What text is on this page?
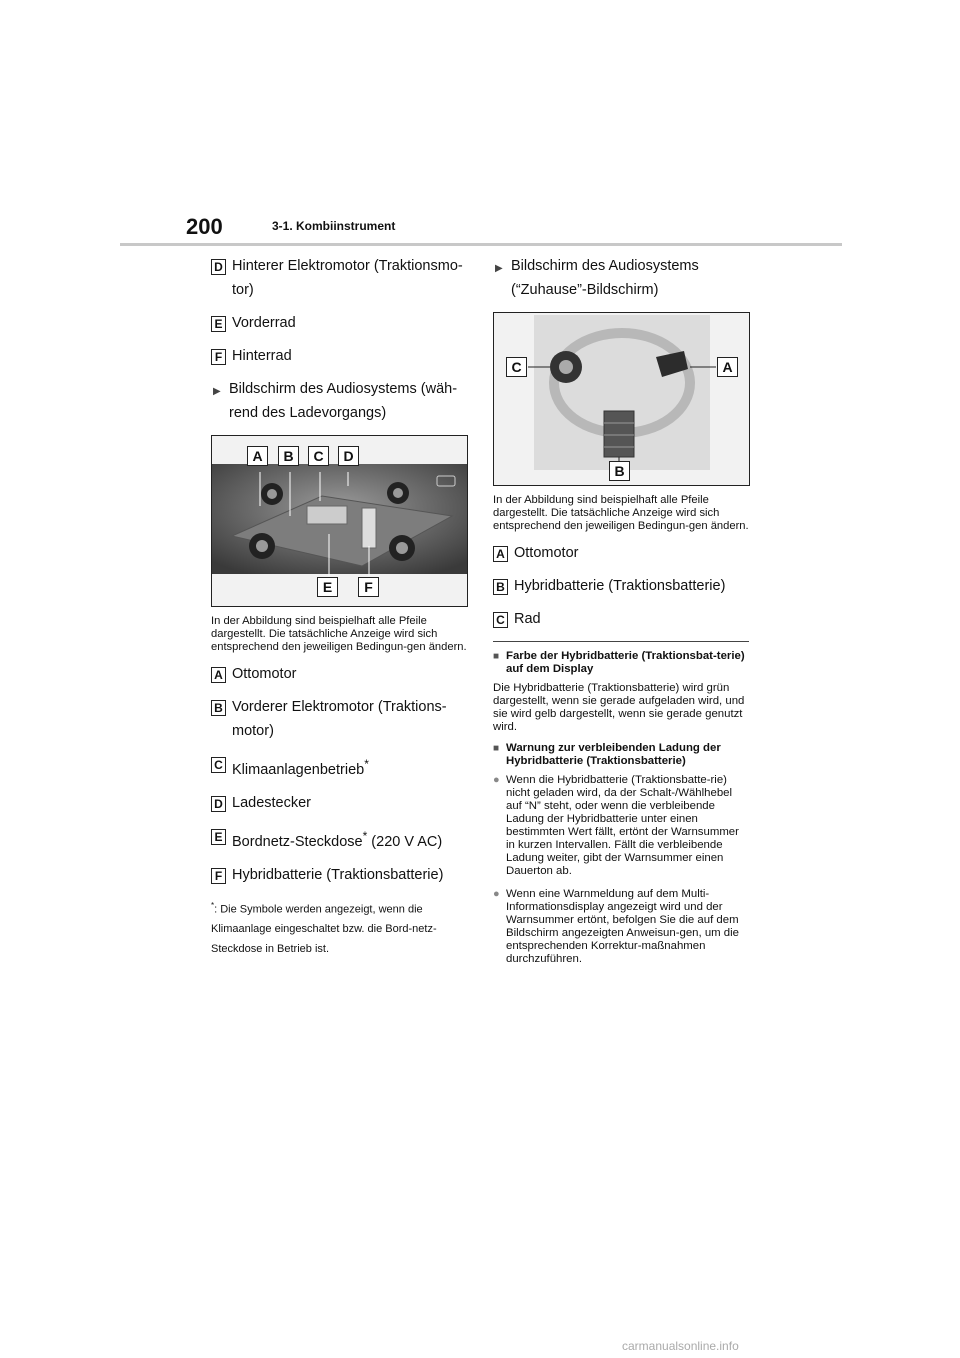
200	3-1. Kombiinstrument
D Hinterer Elektromotor (Traktionsmo-
tor)
E Vorderrad
F Hinterrad
▶ Bildschirm des Audiosystems (wäh-
rend des Ladevorgangs)
A	B	C	D
E	F
In der Abbildung sind beispielhaft alle Pfeile dargestellt. Die tatsächliche Anzeige wird sich entsprechend den jeweiligen Bedingun-gen ändern.
A Ottomotor
B Vorderer Elektromotor (Traktions-
motor)
C Klimaanlagenbetrieb*
D Ladestecker
E Bordnetz-Steckdose* (220 V AC)
F Hybridbatterie (Traktionsbatterie)
*: Die Symbole werden angezeigt, wenn die Klimaanlage eingeschaltet bzw. die Bord-netz-Steckdose in Betrieb ist.
▶ Bildschirm des Audiosystems
(“Zuhause”-Bildschirm)
C	A
B
In der Abbildung sind beispielhaft alle Pfeile dargestellt. Die tatsächliche Anzeige wird sich entsprechend den jeweiligen Bedingun-gen ändern.
A Ottomotor
B Hybridbatterie (Traktionsbatterie)
C Rad
■ Farbe der Hybridbatterie (Traktionsbat-terie) auf dem Display
Die Hybridbatterie (Traktionsbatterie) wird grün dargestellt, wenn sie gerade aufgeladen wird, und sie wird gelb dargestellt, wenn sie gerade genutzt wird.
■ Warnung zur verbleibenden Ladung der Hybridbatterie (Traktionsbatterie)
● Wenn die Hybridbatterie (Traktionsbatte-rie) nicht geladen wird, da der Schalt-/Wählhebel auf “N” steht, oder wenn die verbleibende Ladung der Hybridbatterie unter einen bestimmten Wert fällt, ertönt der Warnsummer in kurzen Intervallen. Fällt die verbleibende Ladung weiter, gibt der Warnsummer einen Dauerton ab.
● Wenn eine Warnmeldung auf dem Multi-Informationsdisplay angezeigt wird und der Warnsummer ertönt, befolgen Sie die auf dem Bildschirm angezeigten Anweisun-gen, um die entsprechenden Korrektur-maßnahmen durchzuführen.
carmanualsonline.info
